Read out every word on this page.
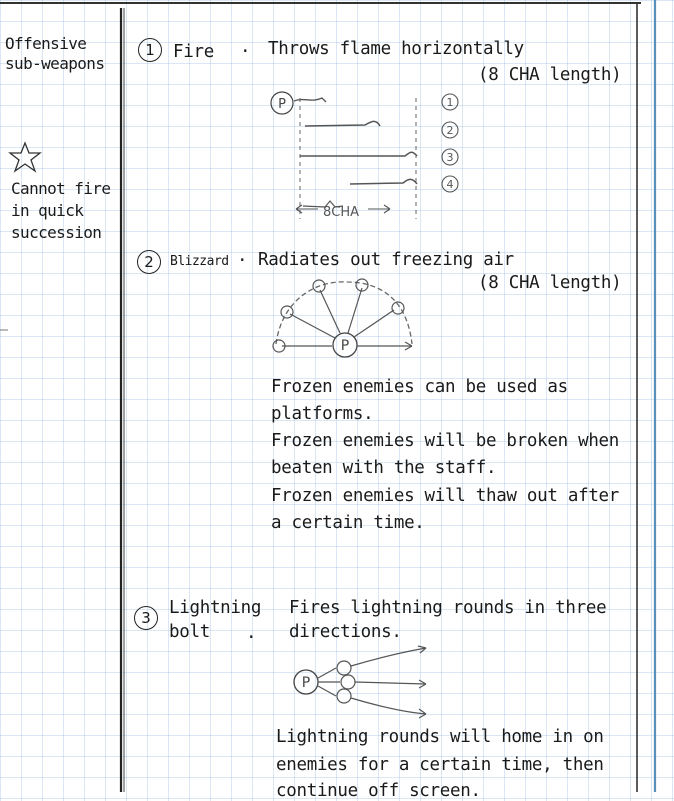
Offensive
sub-weapons
Cannot fire
in quick
succession
1	Fire · Throws flame horizontally
(8 CHA length)
P
8CHA
1
2
3
4
2	Blizzard · Radiates out freezing air
(8 CHA length)
P
Frozen enemies can be used as
platforms.
Frozen enemies will be broken when
beaten with the staff.
Frozen enemies will thaw out after
a certain time.
3	Lightning
bolt ·
Fires lightning rounds in three
directions.
P
Lightning rounds will home in on
enemies for a certain time, then
continue off screen.
